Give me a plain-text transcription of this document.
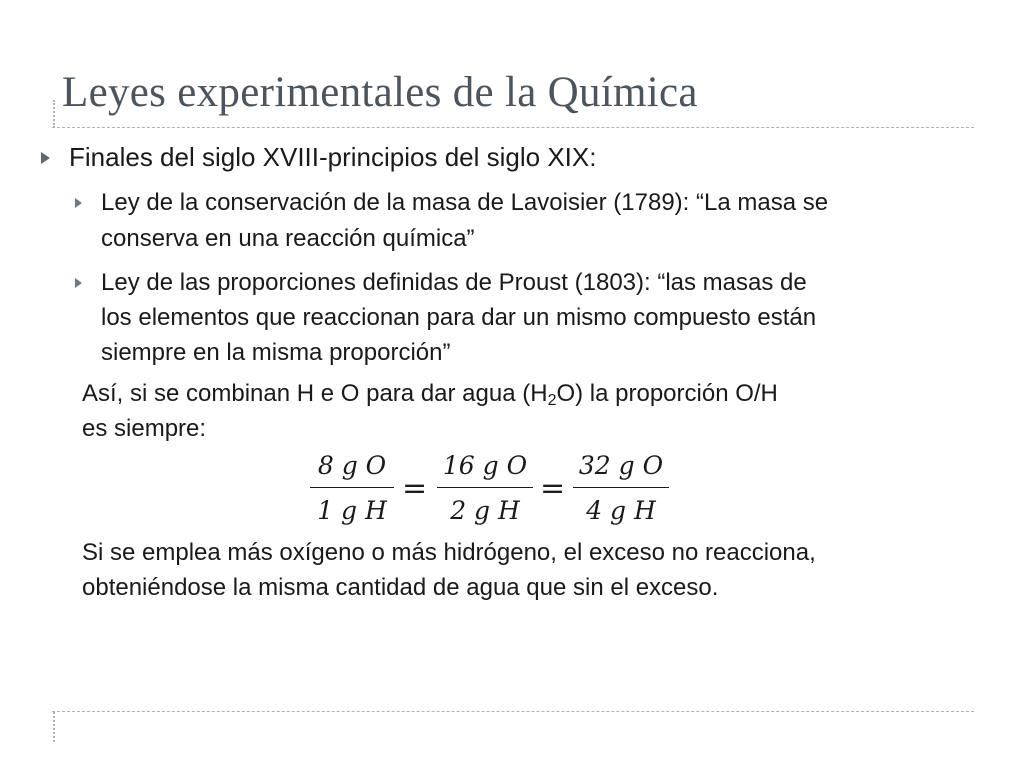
Leyes experimentales de la Química

Finales del siglo XVIII-principios del siglo XIX:

Ley de la conservación de la masa de Lavoisier (1789): “La masa se

conserva en una reacción química”

Ley de las proporciones definidas de Proust (1803): “las masas de

los elementos que reaccionan para dar un mismo compuesto están

siempre en la misma proporción”

Así, si se combinan H e O para dar agua $(H_2O)$ la proporción O/H

es siempre:

8 g O
1 g H
=
16 g O
2 g H
=
32 g O
4 g H

Si se emplea más oxígeno o más hidrógeno, el exceso no reacciona,

obteniéndose la misma cantidad de agua que sin el exceso.
